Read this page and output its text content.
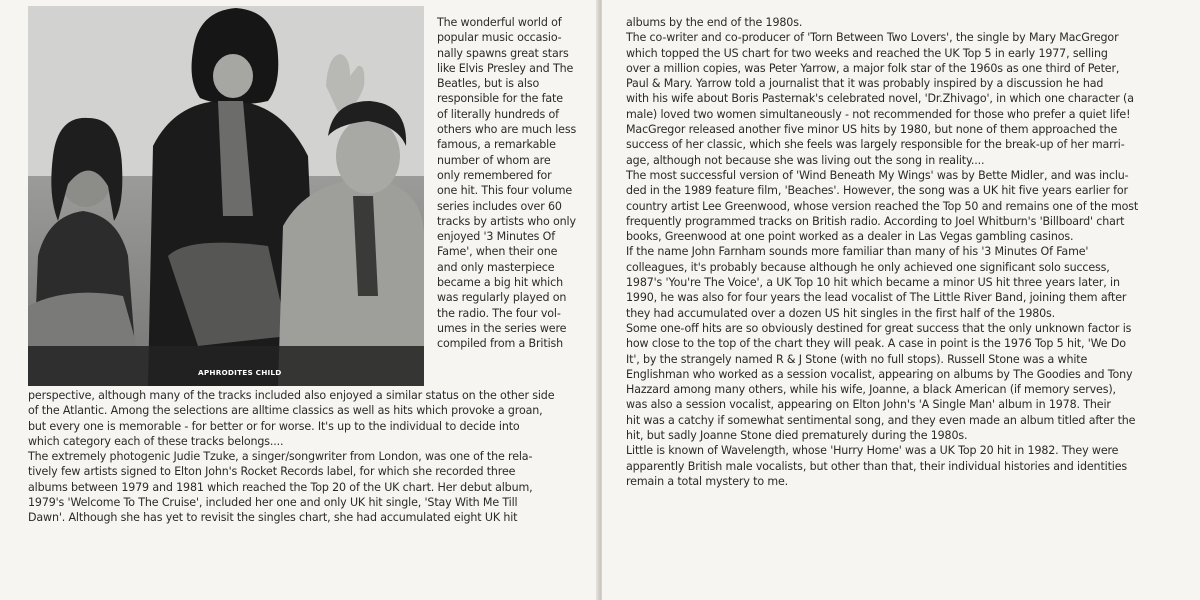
APHRODITES CHILD

The wonderful world of

popular music occasio-

nally spawns great stars

like Elvis Presley and The

Beatles, but is also

responsible for the fate

of literally hundreds of

others who are much less

famous, a remarkable

number of whom are

only remembered for

one hit. This four volume

series includes over 60

tracks by artists who only

enjoyed '3 Minutes Of

Fame', when their one

and only masterpiece

became a big hit which

was regularly played on

the radio. The four vol-

umes in the series were

compiled from a British

perspective, although many of the tracks included also enjoyed a similar status on the other side

of the Atlantic. Among the selections are alltime classics as well as hits which provoke a groan,

but every one is memorable - for better or for worse. It's up to the individual to decide into

which category each of these tracks belongs....

The extremely photogenic Judie Tzuke, a singer/songwriter from London, was one of the rela-

tively few artists signed to Elton John's Rocket Records label, for which she recorded three

albums between 1979 and 1981 which reached the Top 20 of the UK chart. Her debut album,

1979's 'Welcome To The Cruise', included her one and only UK hit single, 'Stay With Me Till

Dawn'. Although she has yet to revisit the singles chart, she had accumulated eight UK hit

albums by the end of the 1980s.

The co-writer and co-producer of 'Torn Between Two Lovers', the single by Mary MacGregor

which topped the US chart for two weeks and reached the UK Top 5 in early 1977, selling

over a million copies, was Peter Yarrow, a major folk star of the 1960s as one third of Peter,

Paul & Mary. Yarrow told a journalist that it was probably inspired by a discussion he had

with his wife about Boris Pasternak's celebrated novel, 'Dr.Zhivago', in which one character (a

male) loved two women simultaneously - not recommended for those who prefer a quiet life!

MacGregor released another five minor US hits by 1980, but none of them approached the

success of her classic, which she feels was largely responsible for the break-up of her marri-

age, although not because she was living out the song in reality....

The most successful version of 'Wind Beneath My Wings' was by Bette Midler, and was inclu-

ded in the 1989 feature film, 'Beaches'. However, the song was a UK hit five years earlier for

country artist Lee Greenwood, whose version reached the Top 50 and remains one of the most

frequently programmed tracks on British radio. According to Joel Whitburn's 'Billboard' chart

books, Greenwood at one point worked as a dealer in Las Vegas gambling casinos.

If the name John Farnham sounds more familiar than many of his '3 Minutes Of Fame'

colleagues, it's probably because although he only achieved one significant solo success,

1987's 'You're The Voice', a UK Top 10 hit which became a minor US hit three years later, in

1990, he was also for four years the lead vocalist of The Little River Band, joining them after

they had accumulated over a dozen US hit singles in the first half of the 1980s.

Some one-off hits are so obviously destined for great success that the only unknown factor is

how close to the top of the chart they will peak. A case in point is the 1976 Top 5 hit, 'We Do

It', by the strangely named R & J Stone (with no full stops). Russell Stone was a white

Englishman who worked as a session vocalist, appearing on albums by The Goodies and Tony

Hazzard among many others, while his wife, Joanne, a black American (if memory serves),

was also a session vocalist, appearing on Elton John's 'A Single Man' album in 1978. Their

hit was a catchy if somewhat sentimental song, and they even made an album titled after the

hit, but sadly Joanne Stone died prematurely during the 1980s.

Little is known of Wavelength, whose 'Hurry Home' was a UK Top 20 hit in 1982. They were

apparently British male vocalists, but other than that, their individual histories and identities

remain a total mystery to me.
